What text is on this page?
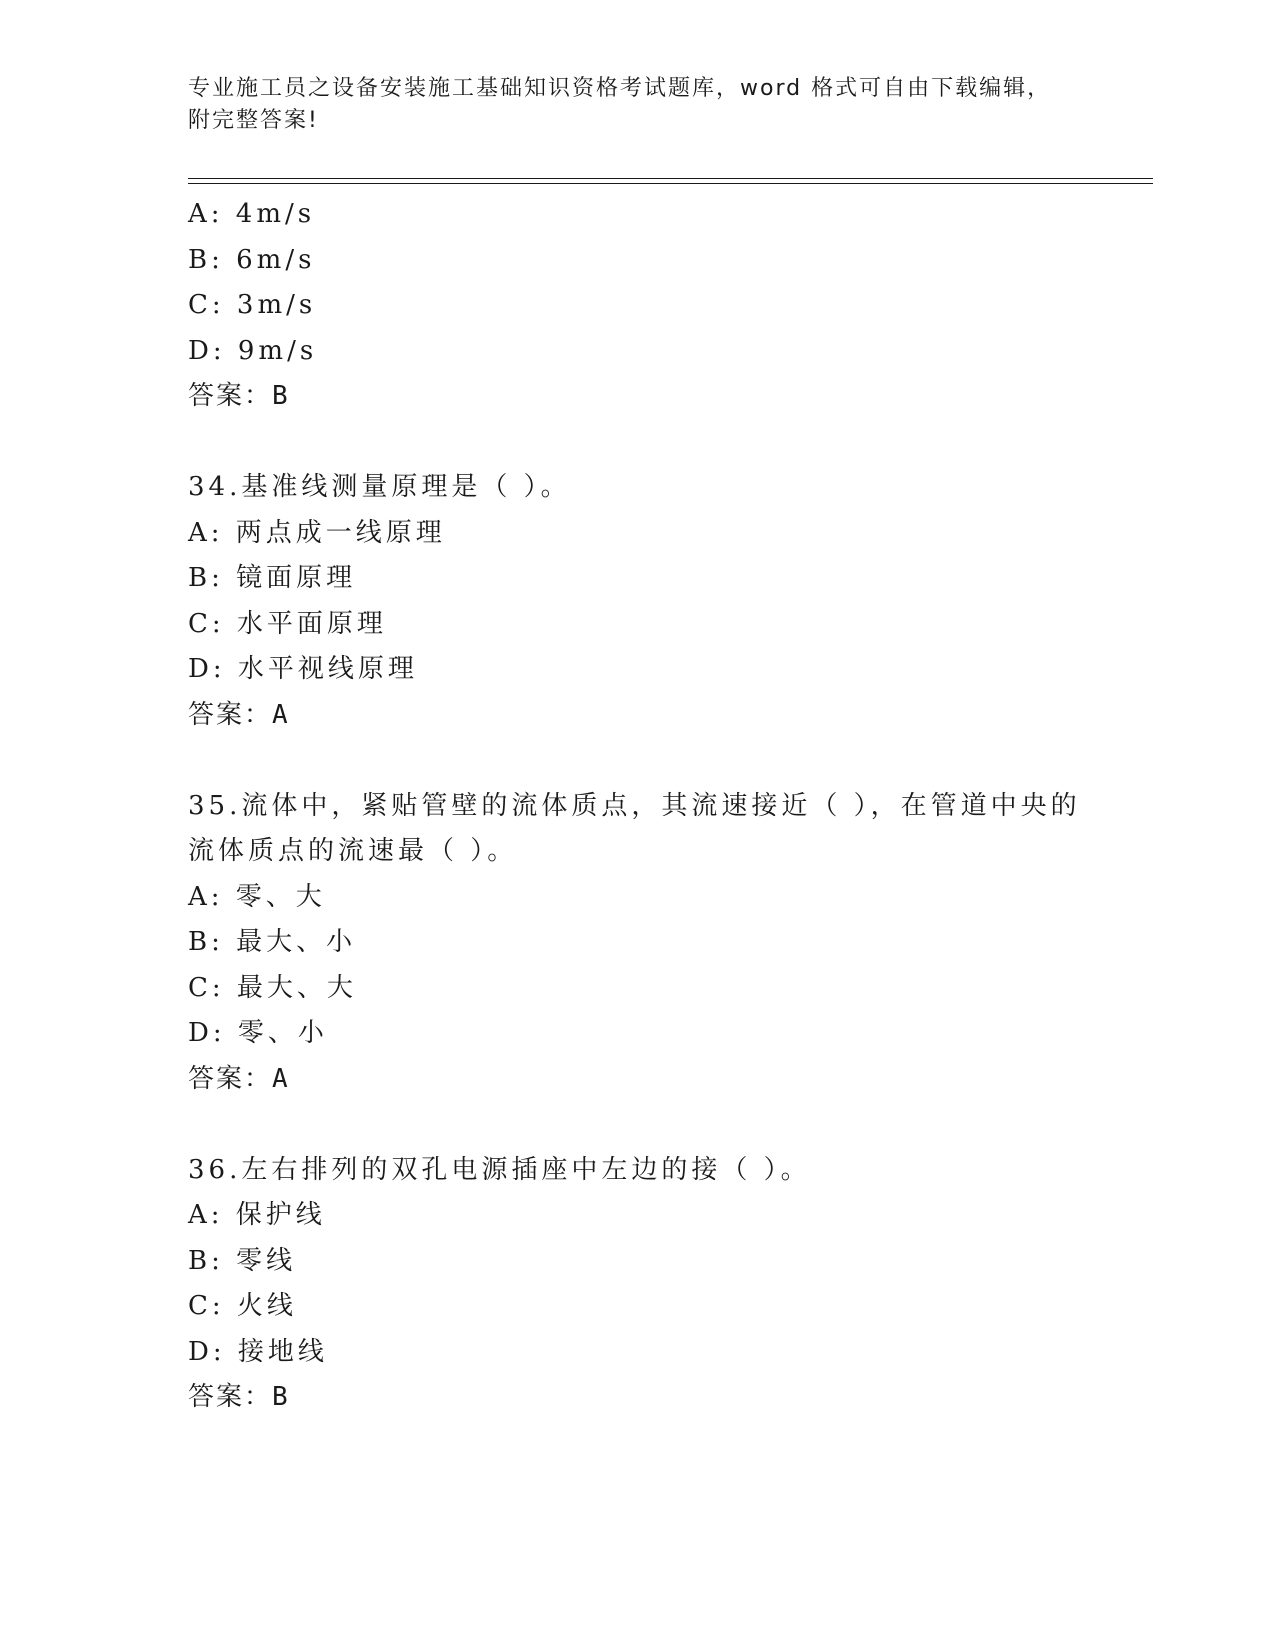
专业施工员之设备安装施工基础知识资格考试题库，word 格式可自由下载编辑，
附完整答案!
A: 4m/s
B: 6m/s
C: 3m/s
D: 9m/s
答案：B
34.基准线测量原理是（ ）。
A: 两点成一线原理
B: 镜面原理
C: 水平面原理
D: 水平视线原理
答案：A
35.流体中，紧贴管壁的流体质点，其流速接近（ ），在管道中央的
流体质点的流速最（ ）。
A: 零、大
B: 最大、小
C: 最大、大
D: 零、小
答案：A
36.左右排列的双孔电源插座中左边的接（ ）。
A: 保护线
B: 零线
C: 火线
D: 接地线
答案：B
